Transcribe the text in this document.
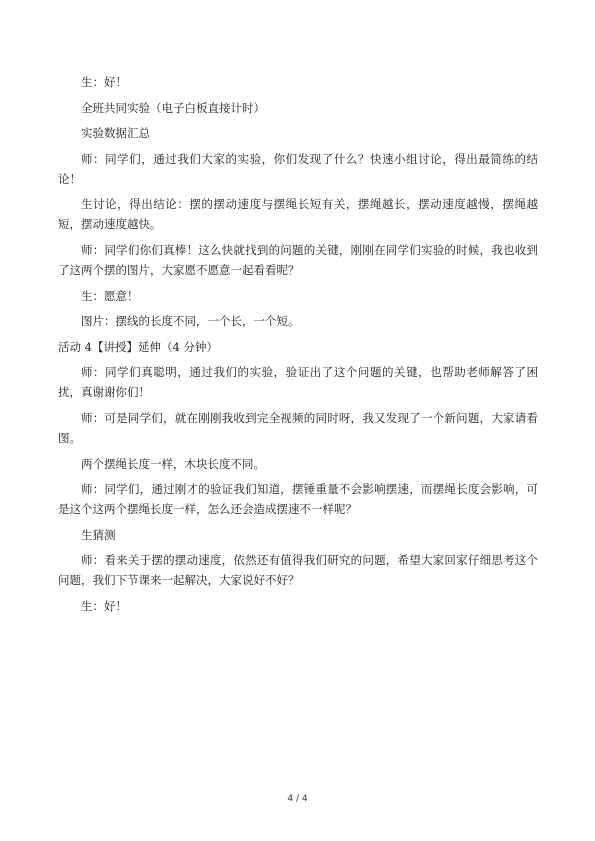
生：好！

全班共同实验（电子白板直接计时）

实验数据汇总

师：同学们，通过我们大家的实验，你们发现了什么？快速小组讨论，得出最简练的结论！

生讨论，得出结论：摆的摆动速度与摆绳长短有关，摆绳越长，摆动速度越慢，摆绳越短，摆动速度越快。

师：同学们你们真棒！这么快就找到的问题的关键，刚刚在同学们实验的时候，我也收到了这两个摆的图片，大家愿不愿意一起看看呢？

生：愿意！

图片：摆线的长度不同，一个长，一个短。

活动 4【讲授】延伸（4 分钟）

师：同学们真聪明，通过我们的实验，验证出了这个问题的关键，也帮助老师解答了困扰，真谢谢你们！

师：可是同学们，就在刚刚我收到完全视频的同时呀，我又发现了一个新问题，大家请看图。

两个摆绳长度一样，木块长度不同。

师：同学们，通过刚才的验证我们知道，摆锤重量不会影响摆速，而摆绳长度会影响，可是这个这两个摆绳长度一样，怎么还会造成摆速不一样呢？

生猜测

师：看来关于摆的摆动速度，依然还有值得我们研究的问题，希望大家回家仔细思考这个问题，我们下节课来一起解决，大家说好不好？

生：好！

4 / 4
